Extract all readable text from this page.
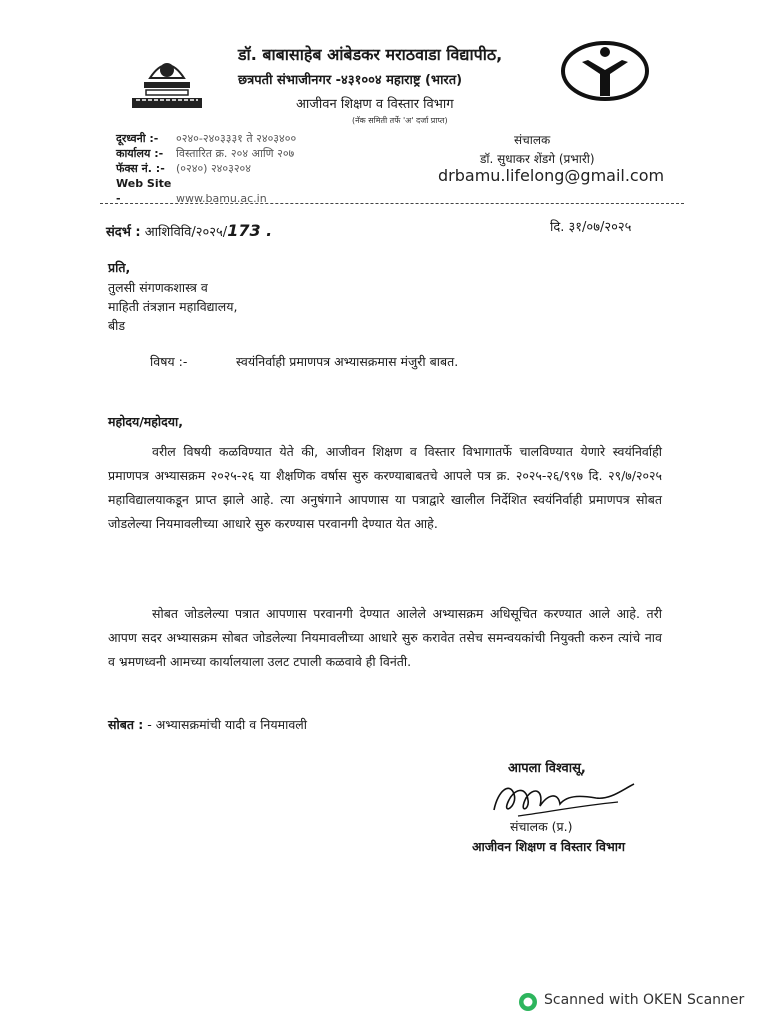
डॉ. बाबासाहेब आंबेडकर मराठवाडा विद्यापीठ,
छत्रपती संभाजीनगर -४३१००४ महाराष्ट्र (भारत)
आजीवन शिक्षण व विस्तार विभाग
(नॅक समिती तर्फे 'अ' दर्जा प्राप्त)
दूरध्वनी :- ०२४०-२४०३३३१ ते २४०३४००
कार्यालय :- विस्तारित क्र. २०४ आणि २०७
फॅक्स नं. :- (०२४०) २४०३२०४
Web Site -	www.bamu.ac.in
संचालक
डॉ. सुधाकर शेंडगे (प्रभारी)
drbamu.lifelong@gmail.com
संदर्भ : आशिविवि/२०२५/173 .	दि. ३१/०७/२०२५
प्रति,
तुलसी संगणकशास्त्र व
माहिती तंत्रज्ञान महाविद्यालय,
बीड
विषय :-	स्वयंनिर्वाही प्रमाणपत्र अभ्यासक्रमास मंजुरी बाबत.
महोदय/महोदया,
वरील विषयी कळविण्यात येते की, आजीवन शिक्षण व विस्तार विभागातर्फे चालविण्यात येणारे स्वयंनिर्वाही प्रमाणपत्र अभ्यासक्रम २०२५-२६ या शैक्षणिक वर्षास सुरु करण्याबाबतचे आपले पत्र क्र. २०२५-२६/९९७ दि. २९/७/२०२५ महाविद्यालयाकडून प्राप्त झाले आहे. त्या अनुषंगाने आपणास या पत्राद्वारे खालील निर्देशित स्वयंनिर्वाही प्रमाणपत्र सोबत जोडलेल्या नियमावलीच्या आधारे सुरु करण्यास परवानगी देण्यात येत आहे.
सोबत जोडलेल्या पत्रात आपणास परवानगी देण्यात आलेले अभ्यासक्रम अधिसूचित करण्यात आले आहे. तरी आपण सदर अभ्यासक्रम सोबत जोडलेल्या नियमावलीच्या आधारे सुरु करावेत तसेच समन्वयकांची नियुक्ती करुन त्यांचे नाव व भ्रमणध्वनी आमच्या कार्यालयाला उलट टपाली कळवावे ही विनंती.
सोबत : - अभ्यासक्रमांची यादी व नियमावली
आपला विश्वासू,
संचालक (प्र.)
आजीवन शिक्षण व विस्तार विभाग
Scanned with OKEN Scanner
